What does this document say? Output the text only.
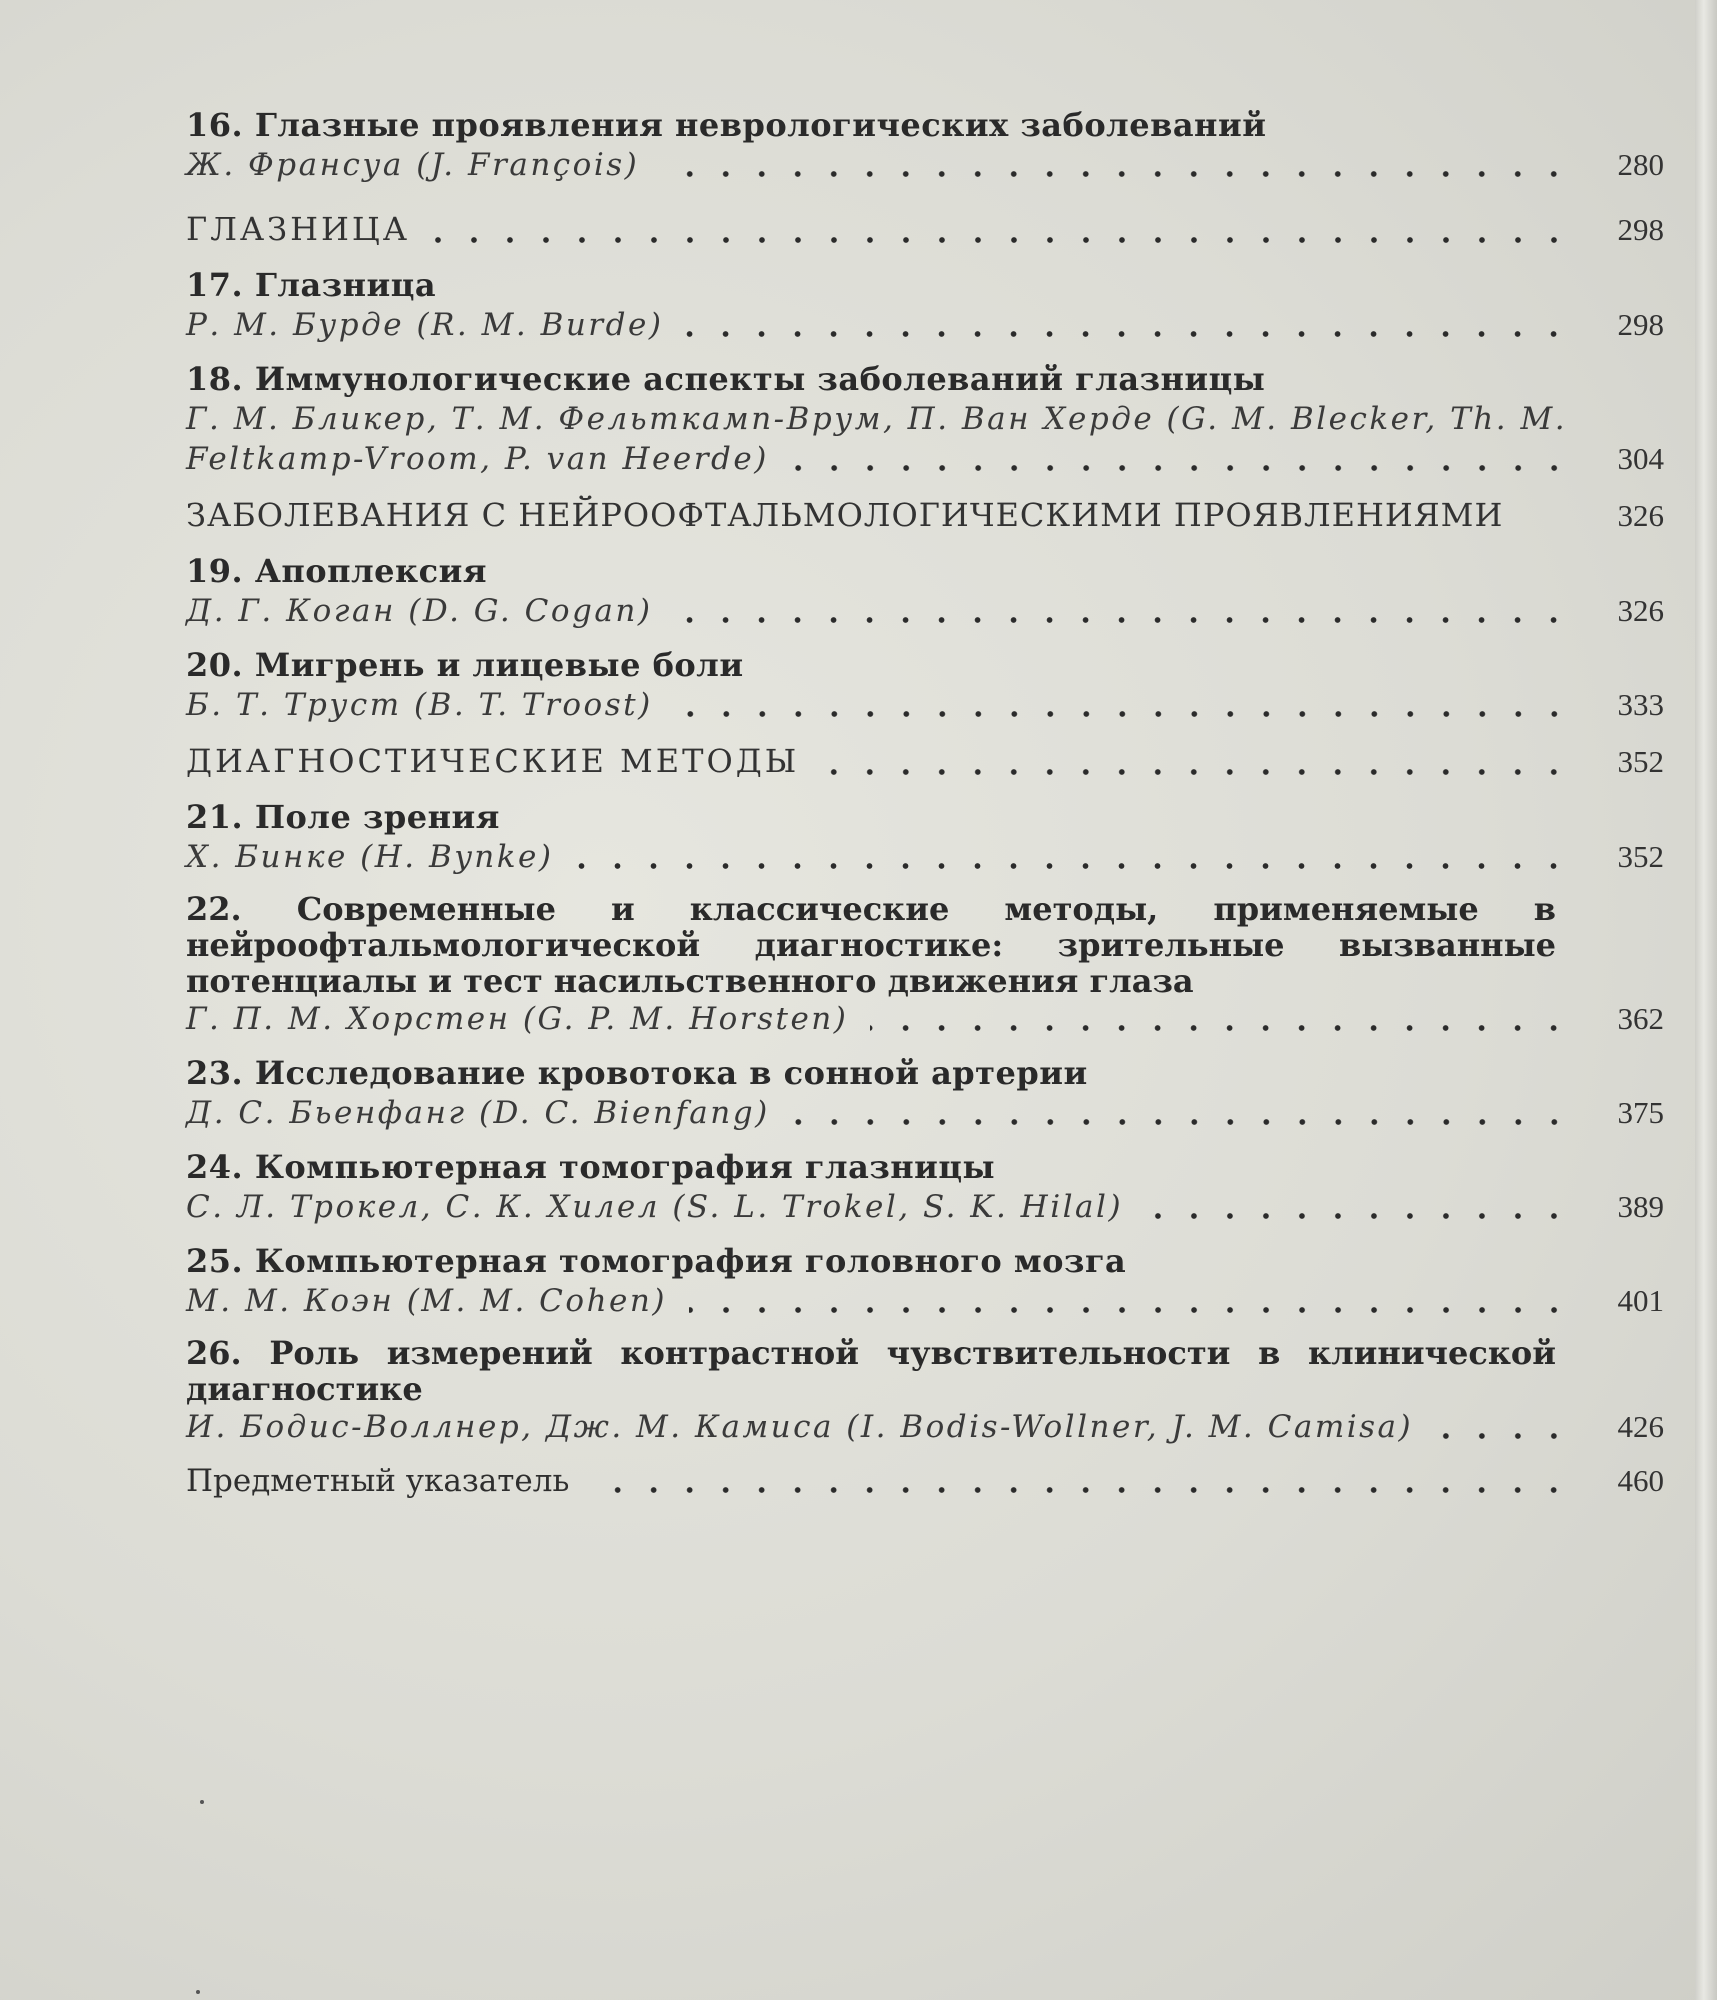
16. Глазные проявления неврологических заболеваний
Ж. Франсуа (J. François)	280
ГЛАЗНИЦА	298
17. Глазница
Р. М. Бурде (R. M. Burde)	298
18. Иммунологические аспекты заболеваний глазницы
Г. М. Бликер, Т. М. Фельткамп-Врум, П. Ван Херде (G. M. Blecker, Th. M.
Feltkamp-Vroom, P. van Heerde)	304
ЗАБОЛЕВАНИЯ С НЕЙРООФТАЛЬМОЛОГИЧЕСКИМИ ПРОЯВЛЕНИЯМИ	326
19. Апоплексия
Д. Г. Коган (D. G. Cogan)	326
20. Мигрень и лицевые боли
Б. Т. Труст (B. T. Troost)	333
ДИАГНОСТИЧЕСКИЕ МЕТОДЫ	352
21. Поле зрения
Х. Бинке (H. Bynke)	352
22. Современные и классические методы, применяемые в нейроофтальмологической диагностике: зрительные вызванные потенциалы и тест насильственного движения глаза
Г. П. М. Хорстен (G. P. M. Horsten)	362
23. Исследование кровотока в сонной артерии
Д. С. Бьенфанг (D. C. Bienfang)	375
24. Компьютерная томография глазницы
С. Л. Трокел, С. К. Хилел (S. L. Trokel, S. K. Hilal)	389
25. Компьютерная томография головного мозга
М. М. Коэн (M. M. Cohen)	401
26. Роль измерений контрастной чувствительности в клинической диагностике
И. Бодис-Воллнер, Дж. М. Камиса (I. Bodis-Wollner, J. M. Camisa)	426
Предметный указатель	460
